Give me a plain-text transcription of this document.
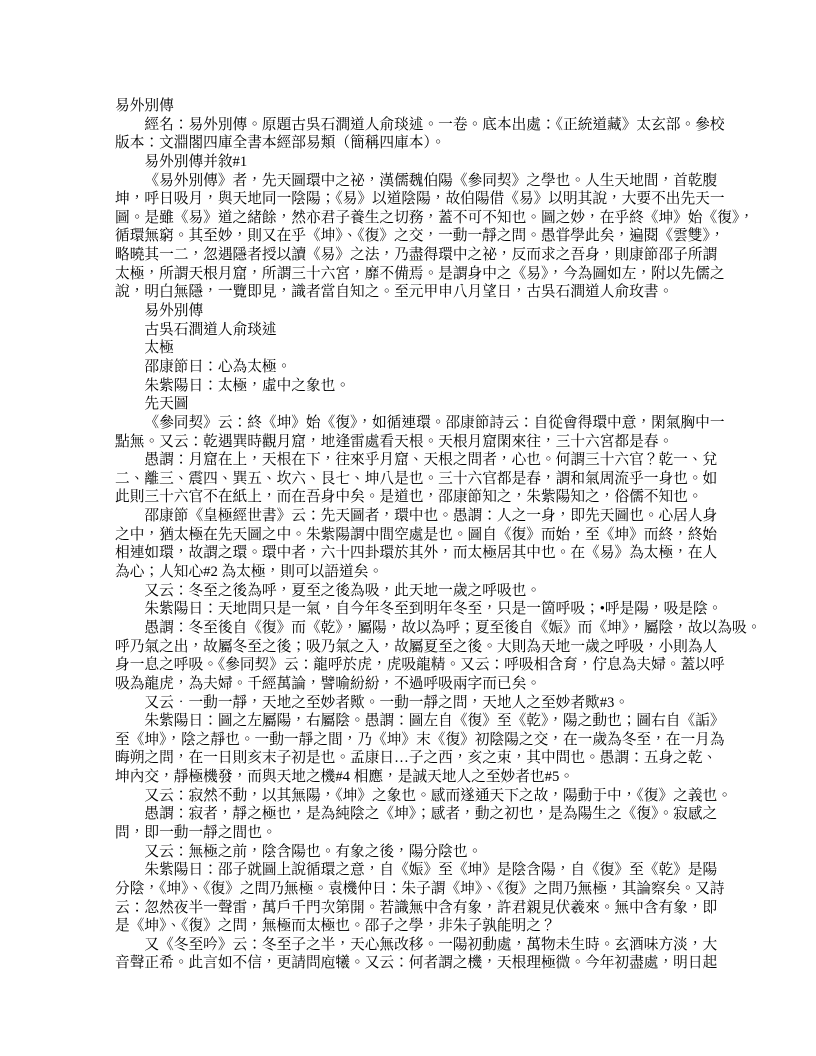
易外別傳
經名：易外別傳。原題古吳石澗道人俞琰述。一卷。底本出處：《正統道藏》太玄部。參校
版本：文淵閣四庫全書本經部易類（簡稱四庫本）。
易外別傳并敘#1
《易外別傳》者，先天圖環中之祕，漢儒魏伯陽《參同契》之學也。人生天地間，首乾腹
坤，呼日吸月，與天地同一陰陽；《易》以道陰陽，故伯陽借《易》以明其說，大要不出先天一
圖。是雖《易》道之緒餘，然亦君子養生之切務，蓋不可不知也。圖之妙，在乎終《坤》始《復》，
循環無窮。其至妙，則又在乎《坤》、《復》之交，一動一靜之問。愚甞學此矣，遍閱《雲雙》，
略曉其一二，忽遇隱者授以讀《易》之法，乃盡得環中之祕，反而求之吾身，則康節邵子所謂
太極，所謂天根月窟，所謂三十六宮，靡不備焉。是謂身中之《易》，今為圖如左，附以先儒之
說，明白無隱，一覽即見，識者當自知之。至元甲申八月望日，古吳石澗道人俞玫書。
易外別傳
古吳石澗道人俞琰述
太極
邵康節曰：心為太極。
朱紫陽日：太極，虛中之象也。
先天圖
《參同契》云：終《坤》始《復》，如循連環。邵康節詩云：自從會得環中意，閑氣胸中一
點無。又云：乾遇巽時觀月窟，地逢雷處看天根。天根月窟閑來往，三十六宮都是春。
愚謂：月窟在上，天根在下，往來乎月窟、天根之問者，心也。何謂三十六官？乾一、兌
二、離三、震四、巽五、坎六、艮七、坤八是也。三十六官都是春，謂和氣周流乎一身也。如
此則三十六官不在紙上，而在吾身中矣。是道也，邵康節知之，朱紫陽知之，俗儒不知也。
邵康節《皇極經世書》云：先天圖者，環中也。愚謂：人之一身，即先天圖也。心居人身
之中，猶太極在先天圖之中。朱紫陽謂中間空處是也。圖自《復》而始，至《坤》而終，終始
相連如環，故謂之環。環中者，六十四卦環於其外，而太極居其中也。在《易》為太極，在人
為心；人知心#2 為太極，則可以語道矣。
又云：冬至之後為呼，夏至之後為吸，此天地一歲之呼吸也。
朱紫陽日：天地問只是一氣，自今年冬至到明年冬至，只是一箇呼吸；•呼是陽，吸是陰。
愚謂：冬至後自《復》而《乾》，屬陽，故以為呼；夏至後自《娠》而《坤》，屬陰，故以為吸。
呼乃氣之出，故屬冬至之後；吸乃氣之入，故屬夏至之後。大則為天地一歲之呼吸，小則為人
身一息之呼吸。《參同契》云：龍呼於虎，虎吸龍精。又云：呼吸相含育，佇息為夫婦。蓋以呼
吸為龍虎，為夫婦。千經萬論，譬喻紛紛，不過呼吸兩字而已矣。
又云．一動一靜，天地之至妙者歟。一動一靜之問，天地人之至妙者歟#3。
朱紫陽日：圖之左屬陽，右屬陰。愚謂：圖左自《復》至《乾》，陽之動也；圖右自《詬》
至《坤》，陰之靜也。一動一靜之間，乃《坤》末《復》初陰陽之交，在一歲為冬至，在一月為
晦朔之問，在一日則亥末子初是也。孟康日…子之西，亥之束，其中問也。愚謂：五身之乾、
坤內交，靜極機發，而與天地之機#4 相應，是誠天地人之至妙者也#5。
又云：寂然不動，以其無陽，《坤》之象也。感而遂通天下之故，陽動于中，《復》之義也。
愚謂：寂者，靜之極也，是為純陰之《坤》；感者，動之初也，是為陽生之《復》。寂感之
問，即一動一靜之間也。
又云：無極之前，陰含陽也。有象之後，陽分陰也。
朱紫陽日：邵子就圖上說循環之意，自《娠》至《坤》是陰含陽，自《復》至《乾》是陽
分陰，《坤》、《復》之問乃無極。袁機仲日：朱子謂《坤》、《復》之問乃無極，其論察矣。又詩
云：忽然夜半一聲雷，萬戶千門次第開。若識無中含有象，許君親見伏羲來。無中含有象，即
是《坤》、《復》之問，無極而太極也。邵子之學，非朱子孰能明之？
又《冬至吟》云：冬至子之半，天心無改移。一陽初動處，萬物未生時。玄酒味方淡，大
音聲正希。此言如不信，更請問庖犧。又云：何者謂之機，天根理極微。今年初盡處，明日起
